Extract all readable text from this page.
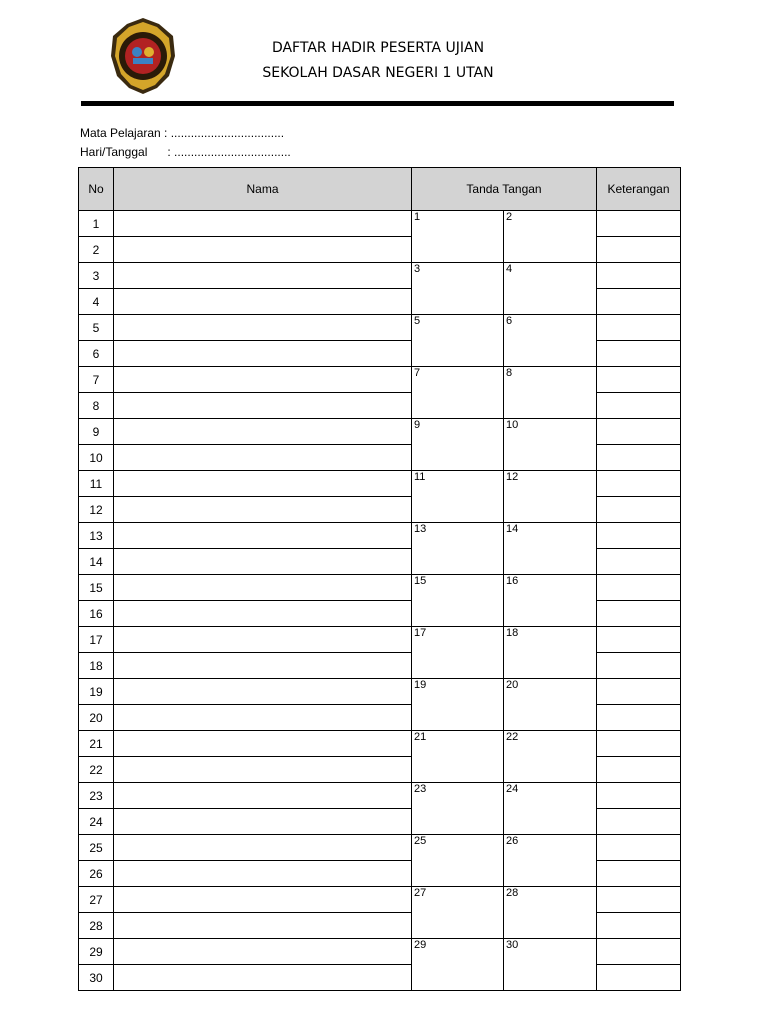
DAFTAR HADIR PESERTA UJIAN
SEKOLAH DASAR NEGERI 1 UTAN
Mata Pelajaran : ..................................
Hari/Tanggal      : ...................................
No	Nama	Tanda Tangan		Keterangan
1		1	2	
2				
3		3	4	
4				
5		5	6	
6				
7		7	8	
8				
9		9	10	
10				
11		11	12	
12				
13		13	14	
14				
15		15	16	
16				
17		17	18	
18				
19		19	20	
20				
21		21	22	
22				
23		23	24	
24				
25		25	26	
26				
27		27	28	
28				
29		29	30	
30				
